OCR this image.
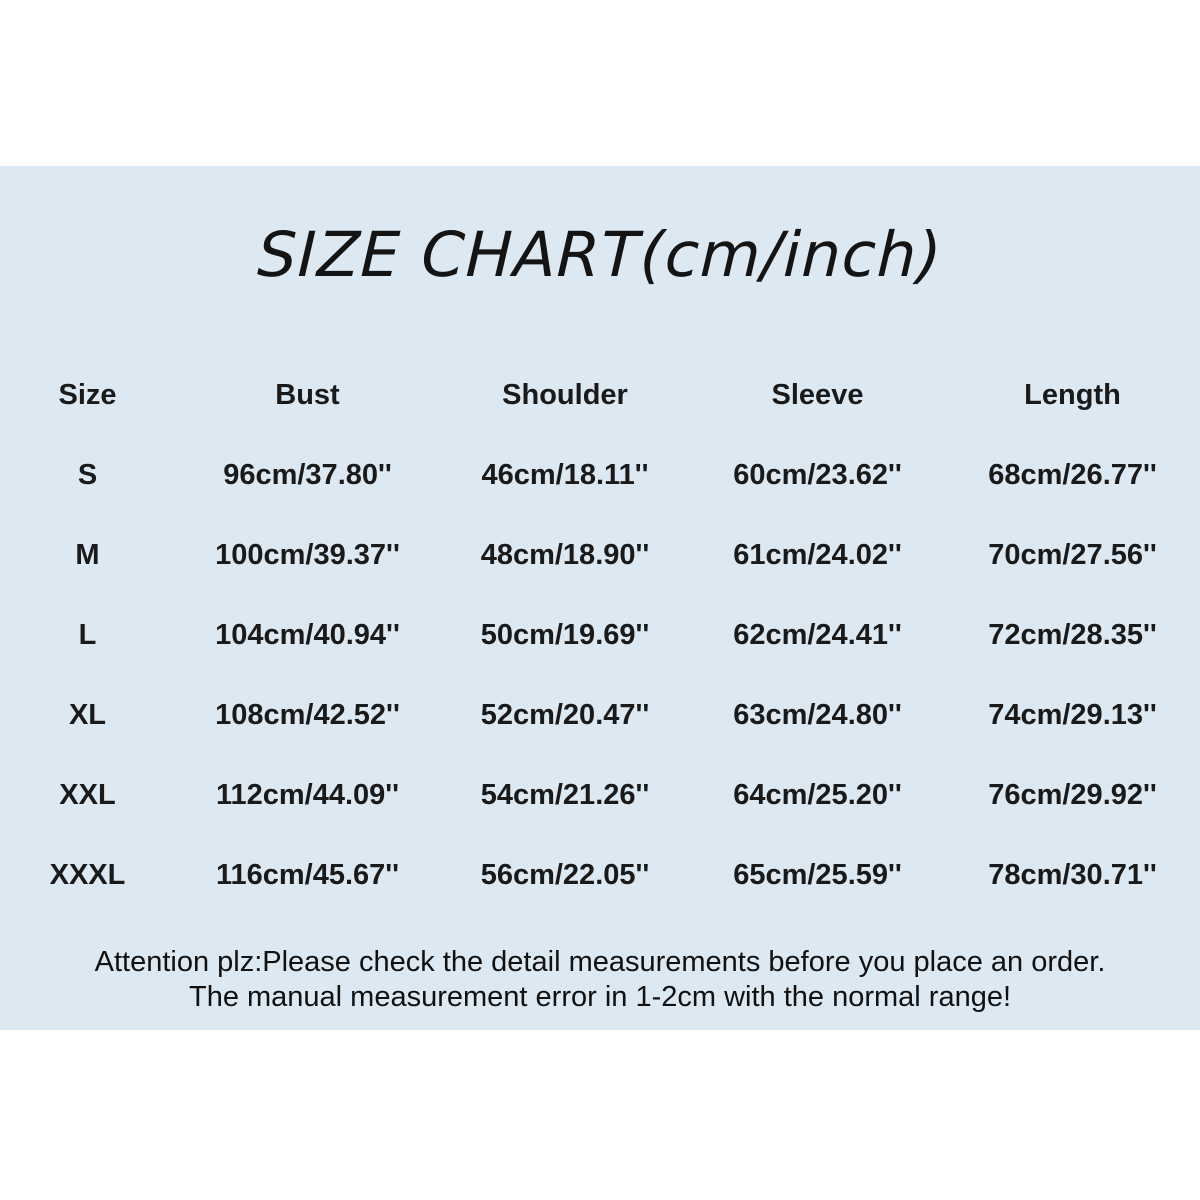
SIZE CHART(cm/inch)
Size	Bust	Shoulder	Sleeve	Length
S	96cm/37.80''	46cm/18.11''	60cm/23.62''	68cm/26.77''
M	100cm/39.37''	48cm/18.90''	61cm/24.02''	70cm/27.56''
L	104cm/40.94''	50cm/19.69''	62cm/24.41''	72cm/28.35''
XL	108cm/42.52''	52cm/20.47''	63cm/24.80''	74cm/29.13''
XXL	112cm/44.09''	54cm/21.26''	64cm/25.20''	76cm/29.92''
XXXL	116cm/45.67''	56cm/22.05''	65cm/25.59''	78cm/30.71''
Attention plz:Please check the detail measurements before you place an order.
The manual measurement error in 1-2cm with the normal range!
